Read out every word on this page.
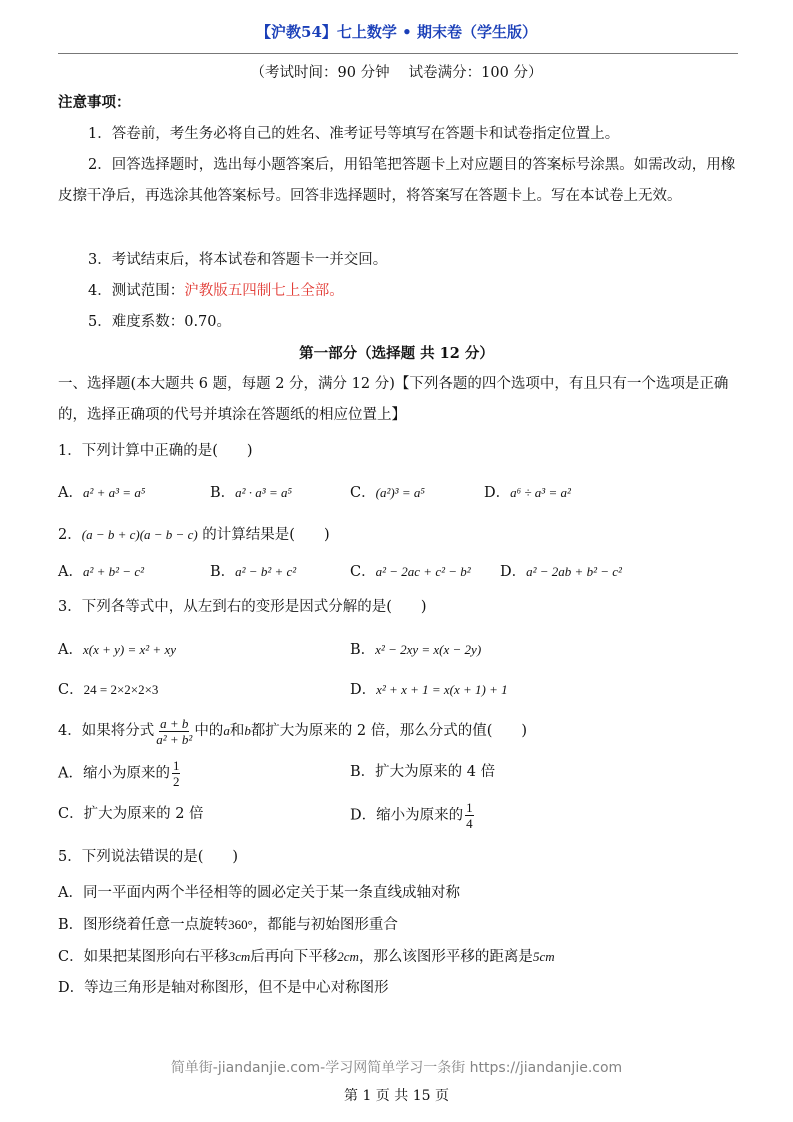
【沪教54】七上数学 • 期末卷（学生版）
（考试时间：90 分钟　 试卷满分：100 分）
注意事项：
1．答卷前，考生务必将自己的姓名、准考证号等填写在答题卡和试卷指定位置上。
2．回答选择题时，选出每小题答案后，用铅笔把答题卡上对应题目的答案标号涂黑。如需改动，用橡皮擦干净后，再选涂其他答案标号。回答非选择题时，将答案写在答题卡上。写在本试卷上无效。
3．考试结束后，将本试卷和答题卡一并交回。
4．测试范围：沪教版五四制七上全部。
5．难度系数：0.70。
第一部分（选择题 共 12 分）
一、选择题(本大题共 6 题，每题 2 分，满分 12 分)【下列各题的四个选项中，有且只有一个选项是正确的，选择正确项的代号并填涂在答题纸的相应位置上】
1．下列计算中正确的是(　　)
A．a² + a³ = a⁵	B．a² · a³ = a⁵	C．(a²)³ = a⁵	D．a⁶ ÷ a³ = a²
2．(a − b + c)(a − b − c) 的计算结果是(　　)
A．a² + b² − c²	B．a² − b² + c²	C．a² − 2ac + c² − b² D．a² − 2ab + b² − c²
3．下列各等式中，从左到右的变形是因式分解的是(　　)
A．x(x + y) = x² + xy	B．x² − 2xy = x(x − 2y)
C．24 = 2×2×2×3	D．x² + x + 1 = x(x + 1) + 1
4．如果将分式 $\frac{a + b}{\text{a² + b²}}$ 中的a和b都扩大为原来的 2 倍，那么分式的值(　　)
A．缩小为原来的 $\frac{1}{2}$	B．扩大为原来的 4 倍
C．扩大为原来的 2 倍	D．缩小为原来的 $\frac{1}{4}$
5．下列说法错误的是(　　)
A．同一平面内两个半径相等的圆必定关于某一条直线成轴对称
B．图形绕着任意一点旋转360°，都能与初始图形重合
C．如果把某图形向右平移3cm后再向下平移2cm，那么该图形平移的距离是5cm
D．等边三角形是轴对称图形，但不是中心对称图形
简单街-jiandanjie.com-学习网简单学习一条街 https://jiandanjie.com
第 1 页 共 15 页
